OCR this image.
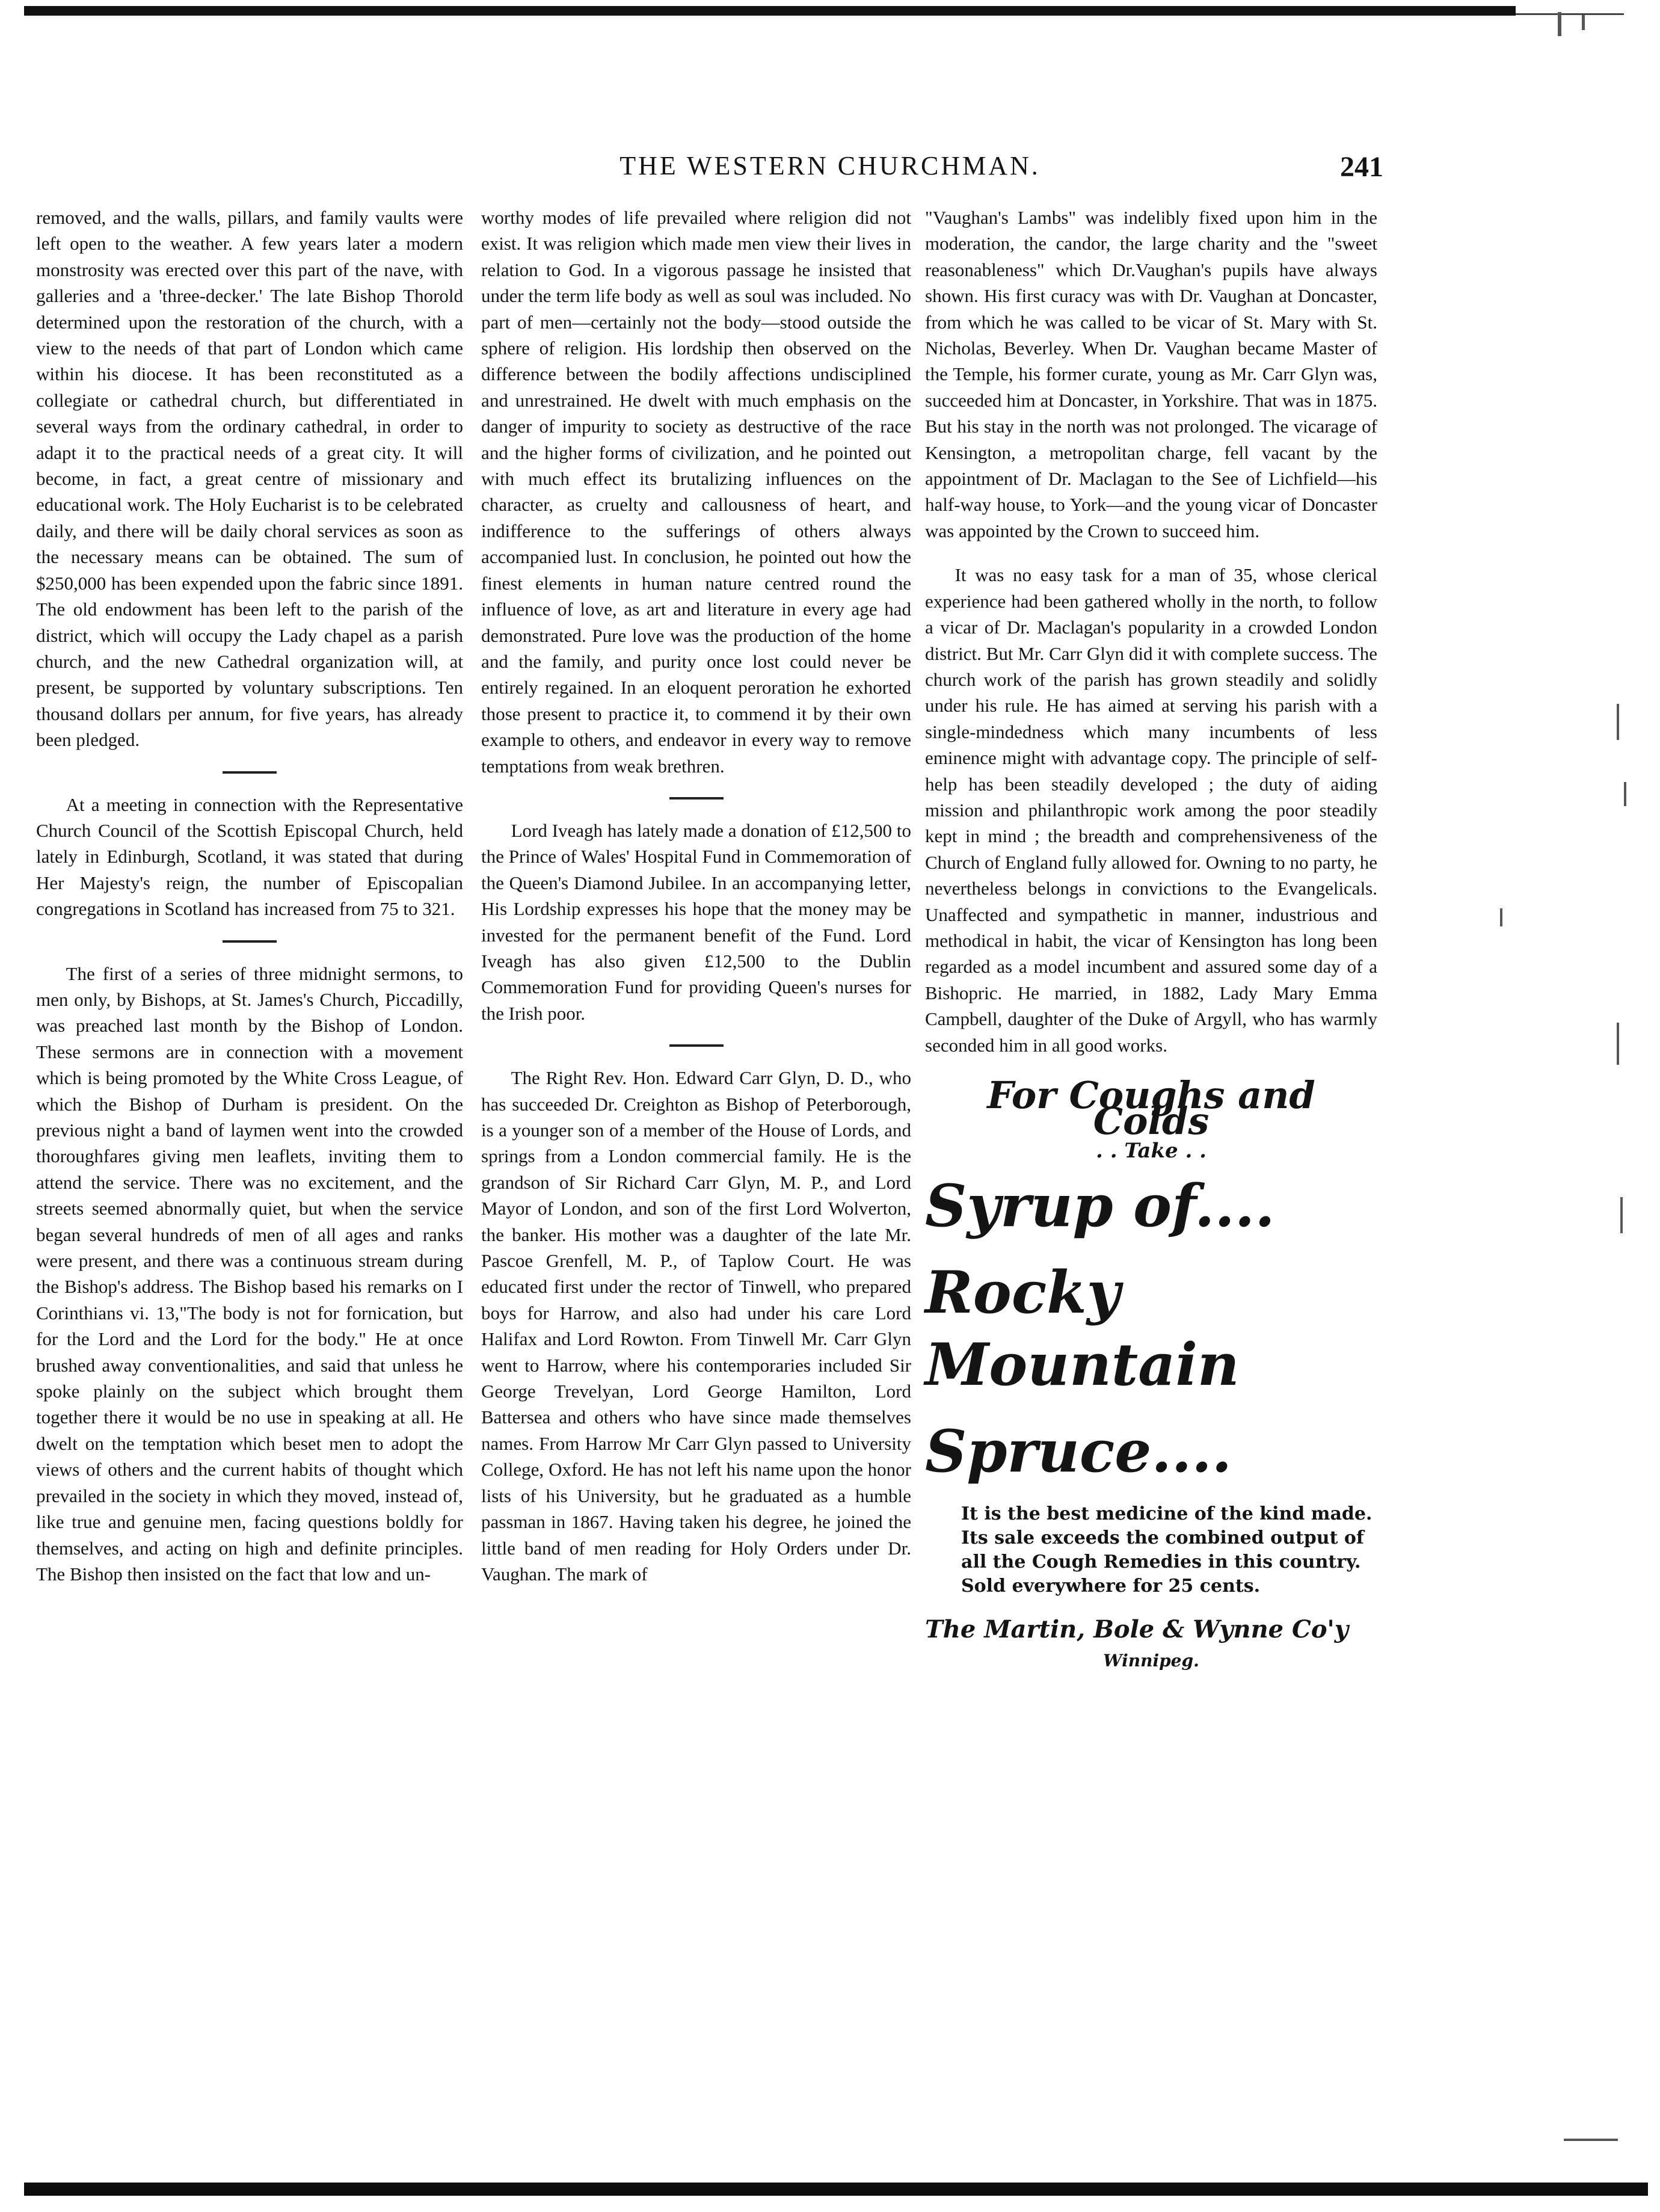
THE WESTERN CHURCHMAN.	241

removed, and the walls, pillars, and family vaults were left open to the weather. A few years later a modern monstrosity was erected over this part of the nave, with galleries and a 'three-decker.' The late Bishop Thorold determined upon the restoration of the church, with a view to the needs of that part of London which came within his diocese. It has been reconstituted as a collegiate or cathedral church, but differentiated in several ways from the ordinary cathedral, in order to adapt it to the practical needs of a great city. It will become, in fact, a great centre of missionary and educational work. The Holy Eucharist is to be celebrated daily, and there will be daily choral services as soon as the necessary means can be obtained. The sum of $250,000 has been expended upon the fabric since 1891. The old endowment has been left to the parish of the district, which will occupy the Lady chapel as a parish church, and the new Cathedral organization will, at present, be supported by voluntary subscriptions. Ten thousand dollars per annum, for five years, has already been pledged.

At a meeting in connection with the Representative Church Council of the Scottish Episcopal Church, held lately in Edinburgh, Scotland, it was stated that during Her Majesty's reign, the number of Episcopalian congregations in Scotland has increased from 75 to 321.

The first of a series of three midnight sermons, to men only, by Bishops, at St. James's Church, Piccadilly, was preached last month by the Bishop of London. These sermons are in connection with a movement which is being promoted by the White Cross League, of which the Bishop of Durham is president. On the previous night a band of laymen went into the crowded thoroughfares giving men leaflets, inviting them to attend the service. There was no excitement, and the streets seemed abnormally quiet, but when the service began several hundreds of men of all ages and ranks were present, and there was a continuous stream during the Bishop's address. The Bishop based his remarks on I Corinthians vi. 13,"The body is not for fornication, but for the Lord and the Lord for the body." He at once brushed away conventionalities, and said that unless he spoke plainly on the subject which brought them together there it would be no use in speaking at all. He dwelt on the temptation which beset men to adopt the views of others and the current habits of thought which prevailed in the society in which they moved, instead of, like true and genuine men, facing questions boldly for themselves, and acting on high and definite principles. The Bishop then insisted on the fact that low and un-

worthy modes of life prevailed where religion did not exist. It was religion which made men view their lives in relation to God. In a vigorous passage he insisted that under the term life body as well as soul was included. No part of men—certainly not the body—stood outside the sphere of religion. His lordship then observed on the difference between the bodily affections undisciplined and unrestrained. He dwelt with much emphasis on the danger of impurity to society as destructive of the race and the higher forms of civilization, and he pointed out with much effect its brutalizing influences on the character, as cruelty and callousness of heart, and indifference to the sufferings of others always accompanied lust. In conclusion, he pointed out how the finest elements in human nature centred round the influence of love, as art and literature in every age had demonstrated. Pure love was the production of the home and the family, and purity once lost could never be entirely regained. In an eloquent peroration he exhorted those present to practice it, to commend it by their own example to others, and endeavor in every way to remove temptations from weak brethren.

Lord Iveagh has lately made a donation of £12,500 to the Prince of Wales' Hospital Fund in Commemoration of the Queen's Diamond Jubilee. In an accompanying letter, His Lordship expresses his hope that the money may be invested for the permanent benefit of the Fund. Lord Iveagh has also given £12,500 to the Dublin Commemoration Fund for providing Queen's nurses for the Irish poor.

The Right Rev. Hon. Edward Carr Glyn, D. D., who has succeeded Dr. Creighton as Bishop of Peterborough, is a younger son of a member of the House of Lords, and springs from a London commercial family. He is the grandson of Sir Richard Carr Glyn, M. P., and Lord Mayor of London, and son of the first Lord Wolverton, the banker. His mother was a daughter of the late Mr. Pascoe Grenfell, M. P., of Taplow Court. He was educated first under the rector of Tinwell, who prepared boys for Harrow, and also had under his care Lord Halifax and Lord Rowton. From Tinwell Mr. Carr Glyn went to Harrow, where his contemporaries included Sir George Trevelyan, Lord George Hamilton, Lord Battersea and others who have since made themselves names. From Harrow Mr Carr Glyn passed to University College, Oxford. He has not left his name upon the honor lists of his University, but he graduated as a humble passman in 1867. Having taken his degree, he joined the little band of men reading for Holy Orders under Dr. Vaughan. The mark of

"Vaughan's Lambs" was indelibly fixed upon him in the moderation, the candor, the large charity and the "sweet reasonableness" which Dr.Vaughan's pupils have always shown. His first curacy was with Dr. Vaughan at Doncaster, from which he was called to be vicar of St. Mary with St. Nicholas, Beverley. When Dr. Vaughan became Master of the Temple, his former curate, young as Mr. Carr Glyn was, succeeded him at Doncaster, in Yorkshire. That was in 1875. But his stay in the north was not prolonged. The vicarage of Kensington, a metropolitan charge, fell vacant by the appointment of Dr. Maclagan to the See of Lichfield—his half-way house, to York—and the young vicar of Doncaster was appointed by the Crown to succeed him.

It was no easy task for a man of 35, whose clerical experience had been gathered wholly in the north, to follow a vicar of Dr. Maclagan's popularity in a crowded London district. But Mr. Carr Glyn did it with complete success. The church work of the parish has grown steadily and solidly under his rule. He has aimed at serving his parish with a single-mindedness which many incumbents of less eminence might with advantage copy. The principle of self-help has been steadily developed ; the duty of aiding mission and philanthropic work among the poor steadily kept in mind ; the breadth and comprehensiveness of the Church of England fully allowed for. Owning to no party, he nevertheless belongs in convictions to the Evangelicals. Unaffected and sympathetic in manner, industrious and methodical in habit, the vicar of Kensington has long been regarded as a model incumbent and assured some day of a Bishopric. He married, in 1882, Lady Mary Emma Campbell, daughter of the Duke of Argyll, who has warmly seconded him in all good works.

For Coughs and Colds
. . Take . .
Syrup of....
Rocky Mountain
Spruce....
It is the best medicine of the kind made.
Its sale exceeds the combined output of
all the Cough Remedies in this country.
Sold everywhere for 25 cents.
The Martin, Bole & Wynne Co'y
Winnipeg.
